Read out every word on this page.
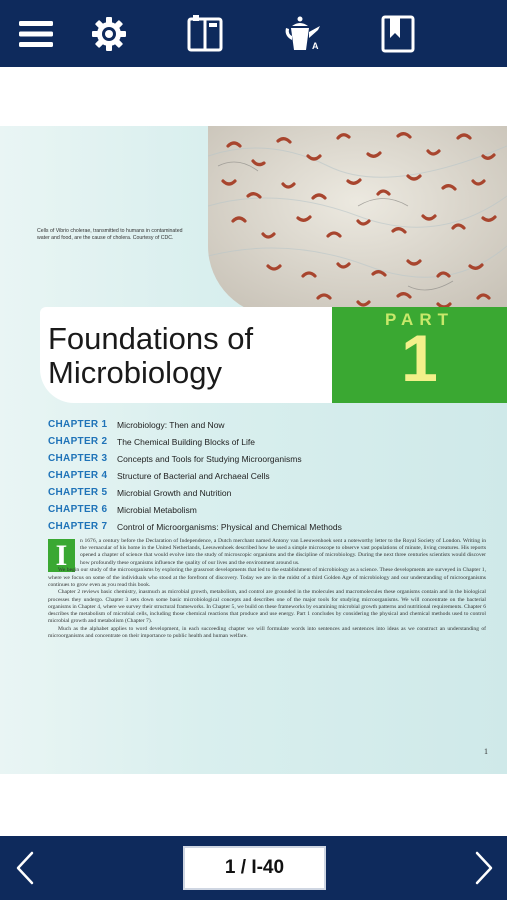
A
Cells of Vibrio cholerae, transmitted to humans in contaminated water and food, are the cause of cholera. Courtesy of CDC.
Foundations of
Microbiology
PART
1
CHAPTER 1	Microbiology: Then and Now
CHAPTER 2	The Chemical Building Blocks of Life
CHAPTER 3	Concepts and Tools for Studying Microorganisms
CHAPTER 4	Structure of Bacterial and Archaeal Cells
CHAPTER 5	Microbial Growth and Nutrition
CHAPTER 6	Microbial Metabolism
CHAPTER 7	Control of Microorganisms: Physical and Chemical Methods
I	n 1676, a century before the Declaration of Independence, a Dutch merchant named Antony van Leeuwenhoek sent a noteworthy letter to the Royal Society of London. Writing in the vernacular of his home in the United Netherlands, Leeuwenhoek described how he used a simple microscope to observe vast populations of minute, living creatures. His reports opened a chapter of science that would evolve into the study of microscopic organisms and the discipline of microbiology. During the next three centuries scientists would discover how profoundly these organisms influence the quality of our lives and the environment around us.

We begin our study of the microorganisms by exploring the grassroot developments that led to the establishment of microbiology as a science. These developments are surveyed in Chapter 1, where we focus on some of the individuals who stood at the forefront of discovery. Today we are in the midst of a third Golden Age of microbiology and our understanding of microorganisms continues to grow even as you read this book.

Chapter 2 reviews basic chemistry, inasmuch as microbial growth, metabolism, and control are grounded in the molecules and macromolecules these organisms contain and in the biological processes they undergo. Chapter 3 sets down some basic microbiological concepts and describes one of the major tools for studying microorganisms. We will concentrate on the bacterial organisms in Chapter 4, where we survey their structural frameworks. In Chapter 5, we build on these frameworks by examining microbial growth patterns and nutritional requirements. Chapter 6 describes the metabolism of microbial cells, including those chemical reactions that produce and use energy. Part 1 concludes by considering the physical and chemical methods used to control microbial growth and metabolism (Chapter 7).

Much as the alphabet applies to word development, in each succeeding chapter we will formulate words into sentences and sentences into ideas as we construct an understanding of microorganisms and concentrate on their importance to public health and human welfare.

1
1 / I-40
